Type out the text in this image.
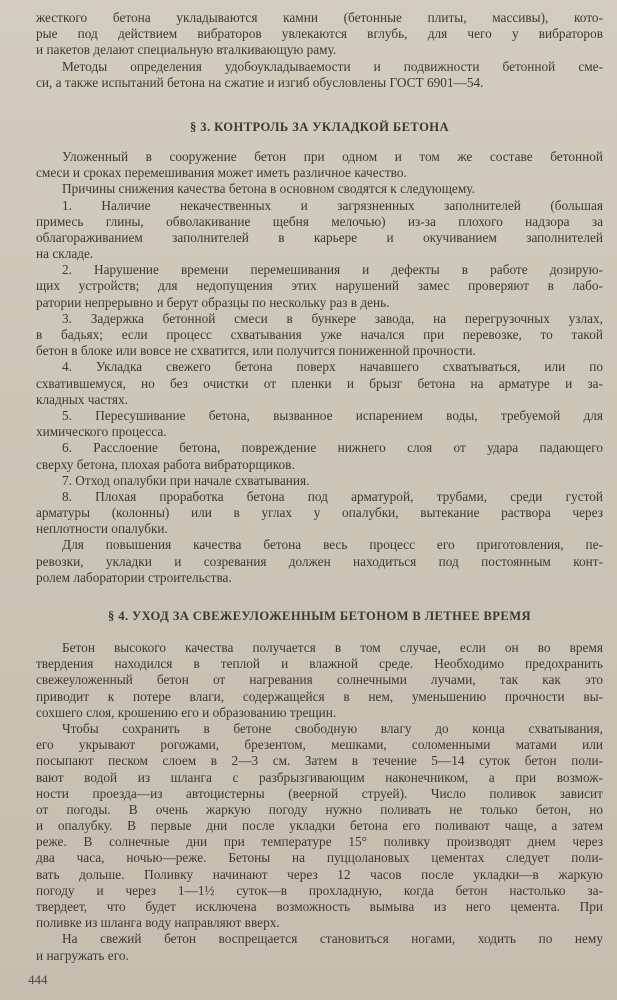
жесткого бетона укладываются камни (бетонные плиты, массивы), кото-
рые под действием вибраторов увлекаются вглубь, для чего у вибраторов
и пакетов делают специальную вталкивающую раму.
Методы определения удобоукладываемости и подвижности бетонной сме-
си, а также испытаний бетона на сжатие и изгиб обусловлены ГОСТ 6901—54.
§ 3. КОНТРОЛЬ ЗА УКЛАДКОЙ БЕТОНА
Уложенный в сооружение бетон при одном и том же составе бетонной
смеси и сроках перемешивания может иметь различное качество.
Причины снижения качества бетона в основном сводятся к следующему.
1. Наличие некачественных и загрязненных заполнителей (большая
примесь глины, обволакивание щебня мелочью) из-за плохого надзора за
облагораживанием заполнителей в карьере и окучиванием заполнителей
на складе.
2. Нарушение времени перемешивания и дефекты в работе дозирую-
щих устройств; для недопущения этих нарушений замес проверяют в лабо-
ратории непрерывно и берут образцы по нескольку раз в день.
3. Задержка бетонной смеси в бункере завода, на перегрузочных узлах,
в бадьях; если процесс схватывания уже начался при перевозке, то такой
бетон в блоке или вовсе не схватится, или получится пониженной прочности.
4. Укладка свежего бетона поверх начавшего схватываться, или по
схватившемуся, но без очистки от пленки и брызг бетона на арматуре и за-
кладных частях.
5. Пересушивание бетона, вызванное испарением воды, требуемой для
химического процесса.
6. Расслоение бетона, повреждение нижнего слоя от удара падающего
сверху бетона, плохая работа вибраторщиков.
7. Отход опалубки при начале схватывания.
8. Плохая проработка бетона под арматурой, трубами, среди густой
арматуры (колонны) или в углах у опалубки, вытекание раствора через
неплотности опалубки.
Для повышения качества бетона весь процесс его приготовления, пе-
ревозки, укладки и созревания должен находиться под постоянным конт-
ролем лаборатории строительства.
§ 4. УХОД ЗА СВЕЖЕУЛОЖЕННЫМ БЕТОНОМ В ЛЕТНЕЕ ВРЕМЯ
Бетон высокого качества получается в том случае, если он во время
твердения находился в теплой и влажной среде. Необходимо предохранить
свежеуложенный бетон от нагревания солнечными лучами, так как это
приводит к потере влаги, содержащейся в нем, уменьшению прочности вы-
сохшего слоя, крошению его и образованию трещин.
Чтобы сохранить в бетоне свободную влагу до конца схватывания,
его укрывают рогожами, брезентом, мешками, соломенными матами или
посыпают песком слоем в 2—3 см. Затем в течение 5—14 суток бетон поли-
вают водой из шланга с разбрызгивающим наконечником, а при возмож-
ности проезда—из автоцистерны (веерной струей). Число поливок зависит
от погоды. В очень жаркую погоду нужно поливать не только бетон, но
и опалубку. В первые дни после укладки бетона его поливают чаще, а затем
реже. В солнечные дни при температуре 15° поливку производят днем через
два часа, ночью—реже. Бетоны на пуццолановых цементах следует поли-
вать дольше. Поливку начинают через 12 часов после укладки—в жаркую
погоду и через 1—1½ суток—в прохладную, когда бетон настолько за-
твердеет, что будет исключена возможность вымыва из него цемента. При
поливке из шланга воду направляют вверх.
На свежий бетон воспрещается становиться ногами, ходить по нему
и нагружать его.
444
